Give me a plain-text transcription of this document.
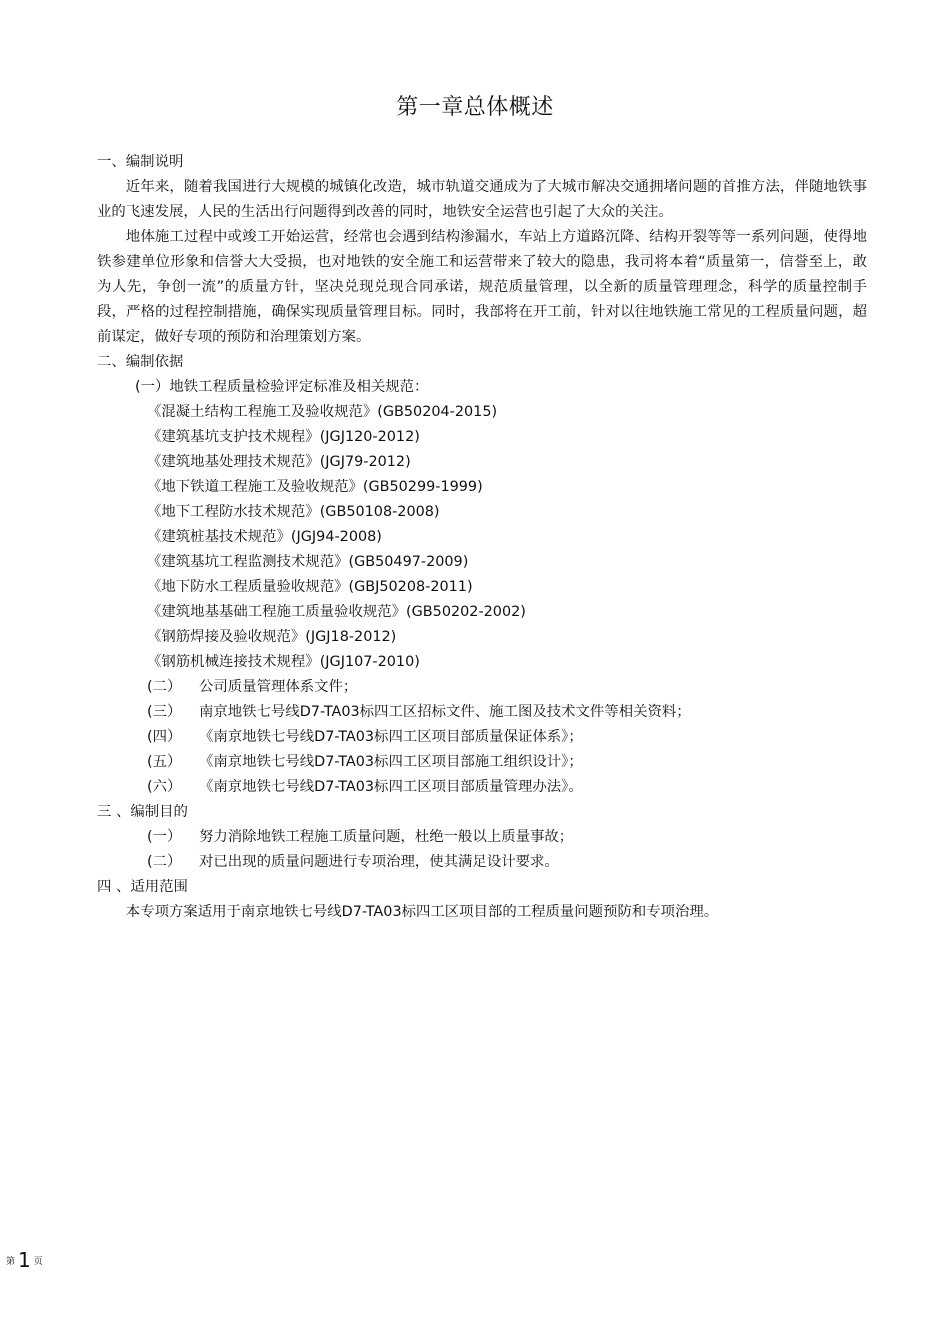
第一章总体概述

一、编制说明

近年来，随着我国进行大规模的城镇化改造，城市轨道交通成为了大城市解决交通拥堵问题的首推方法，伴随地铁事业的飞速发展，人民的生活出行问题得到改善的同时，地铁安全运营也引起了大众的关注。

地体施工过程中或竣工开始运营，经常也会遇到结构渗漏水，车站上方道路沉降、结构开裂等等一系列问题，使得地铁参建单位形象和信誉大大受损，也对地铁的安全施工和运营带来了较大的隐患，我司将本着“质量第一，信誉至上，敢为人先，争创一流”的质量方针，坚决兑现兑现合同承诺，规范质量管理，以全新的质量管理理念，科学的质量控制手段，严格的过程控制措施，确保实现质量管理目标。同时，我部将在开工前，针对以往地铁施工常见的工程质量问题，超前谋定，做好专项的预防和治理策划方案。

二、编制依据

(一）地铁工程质量检验评定标准及相关规范：

《混凝土结构工程施工及验收规范》(GB50204-2015)

《建筑基坑支护技术规程》(JGJ120-2012)

《建筑地基处理技术规范》(JGJ79-2012)

《地下铁道工程施工及验收规范》(GB50299-1999)

《地下工程防水技术规范》(GB50108-2008)

《建筑桩基技术规范》(JGJ94-2008)

《建筑基坑工程监测技术规范》(GB50497-2009)

《地下防水工程质量验收规范》(GBJ50208-2011)

《建筑地基基础工程施工质量验收规范》(GB50202-2002)

《钢筋焊接及验收规范》(JGJ18-2012)

《钢筋机械连接技术规程》(JGJ107-2010)

(二）	公司质量管理体系文件；
(三）	南京地铁七号线D7-TA03标四工区招标文件、施工图及技术文件等相关资料；
(四）	《南京地铁七号线D7-TA03标四工区项目部质量保证体系》；
(五）	《南京地铁七号线D7-TA03标四工区项目部施工组织设计》；
(六）	《南京地铁七号线D7-TA03标四工区项目部质量管理办法》。

三 、编制目的

(一）	努力消除地铁工程施工质量问题，杜绝一般以上质量事故；
(二）	对已出现的质量问题进行专项治理，使其满足设计要求。

四 、适用范围

本专项方案适用于南京地铁七号线D7-TA03标四工区项目部的工程质量问题预防和专项治理。

第 1 页
